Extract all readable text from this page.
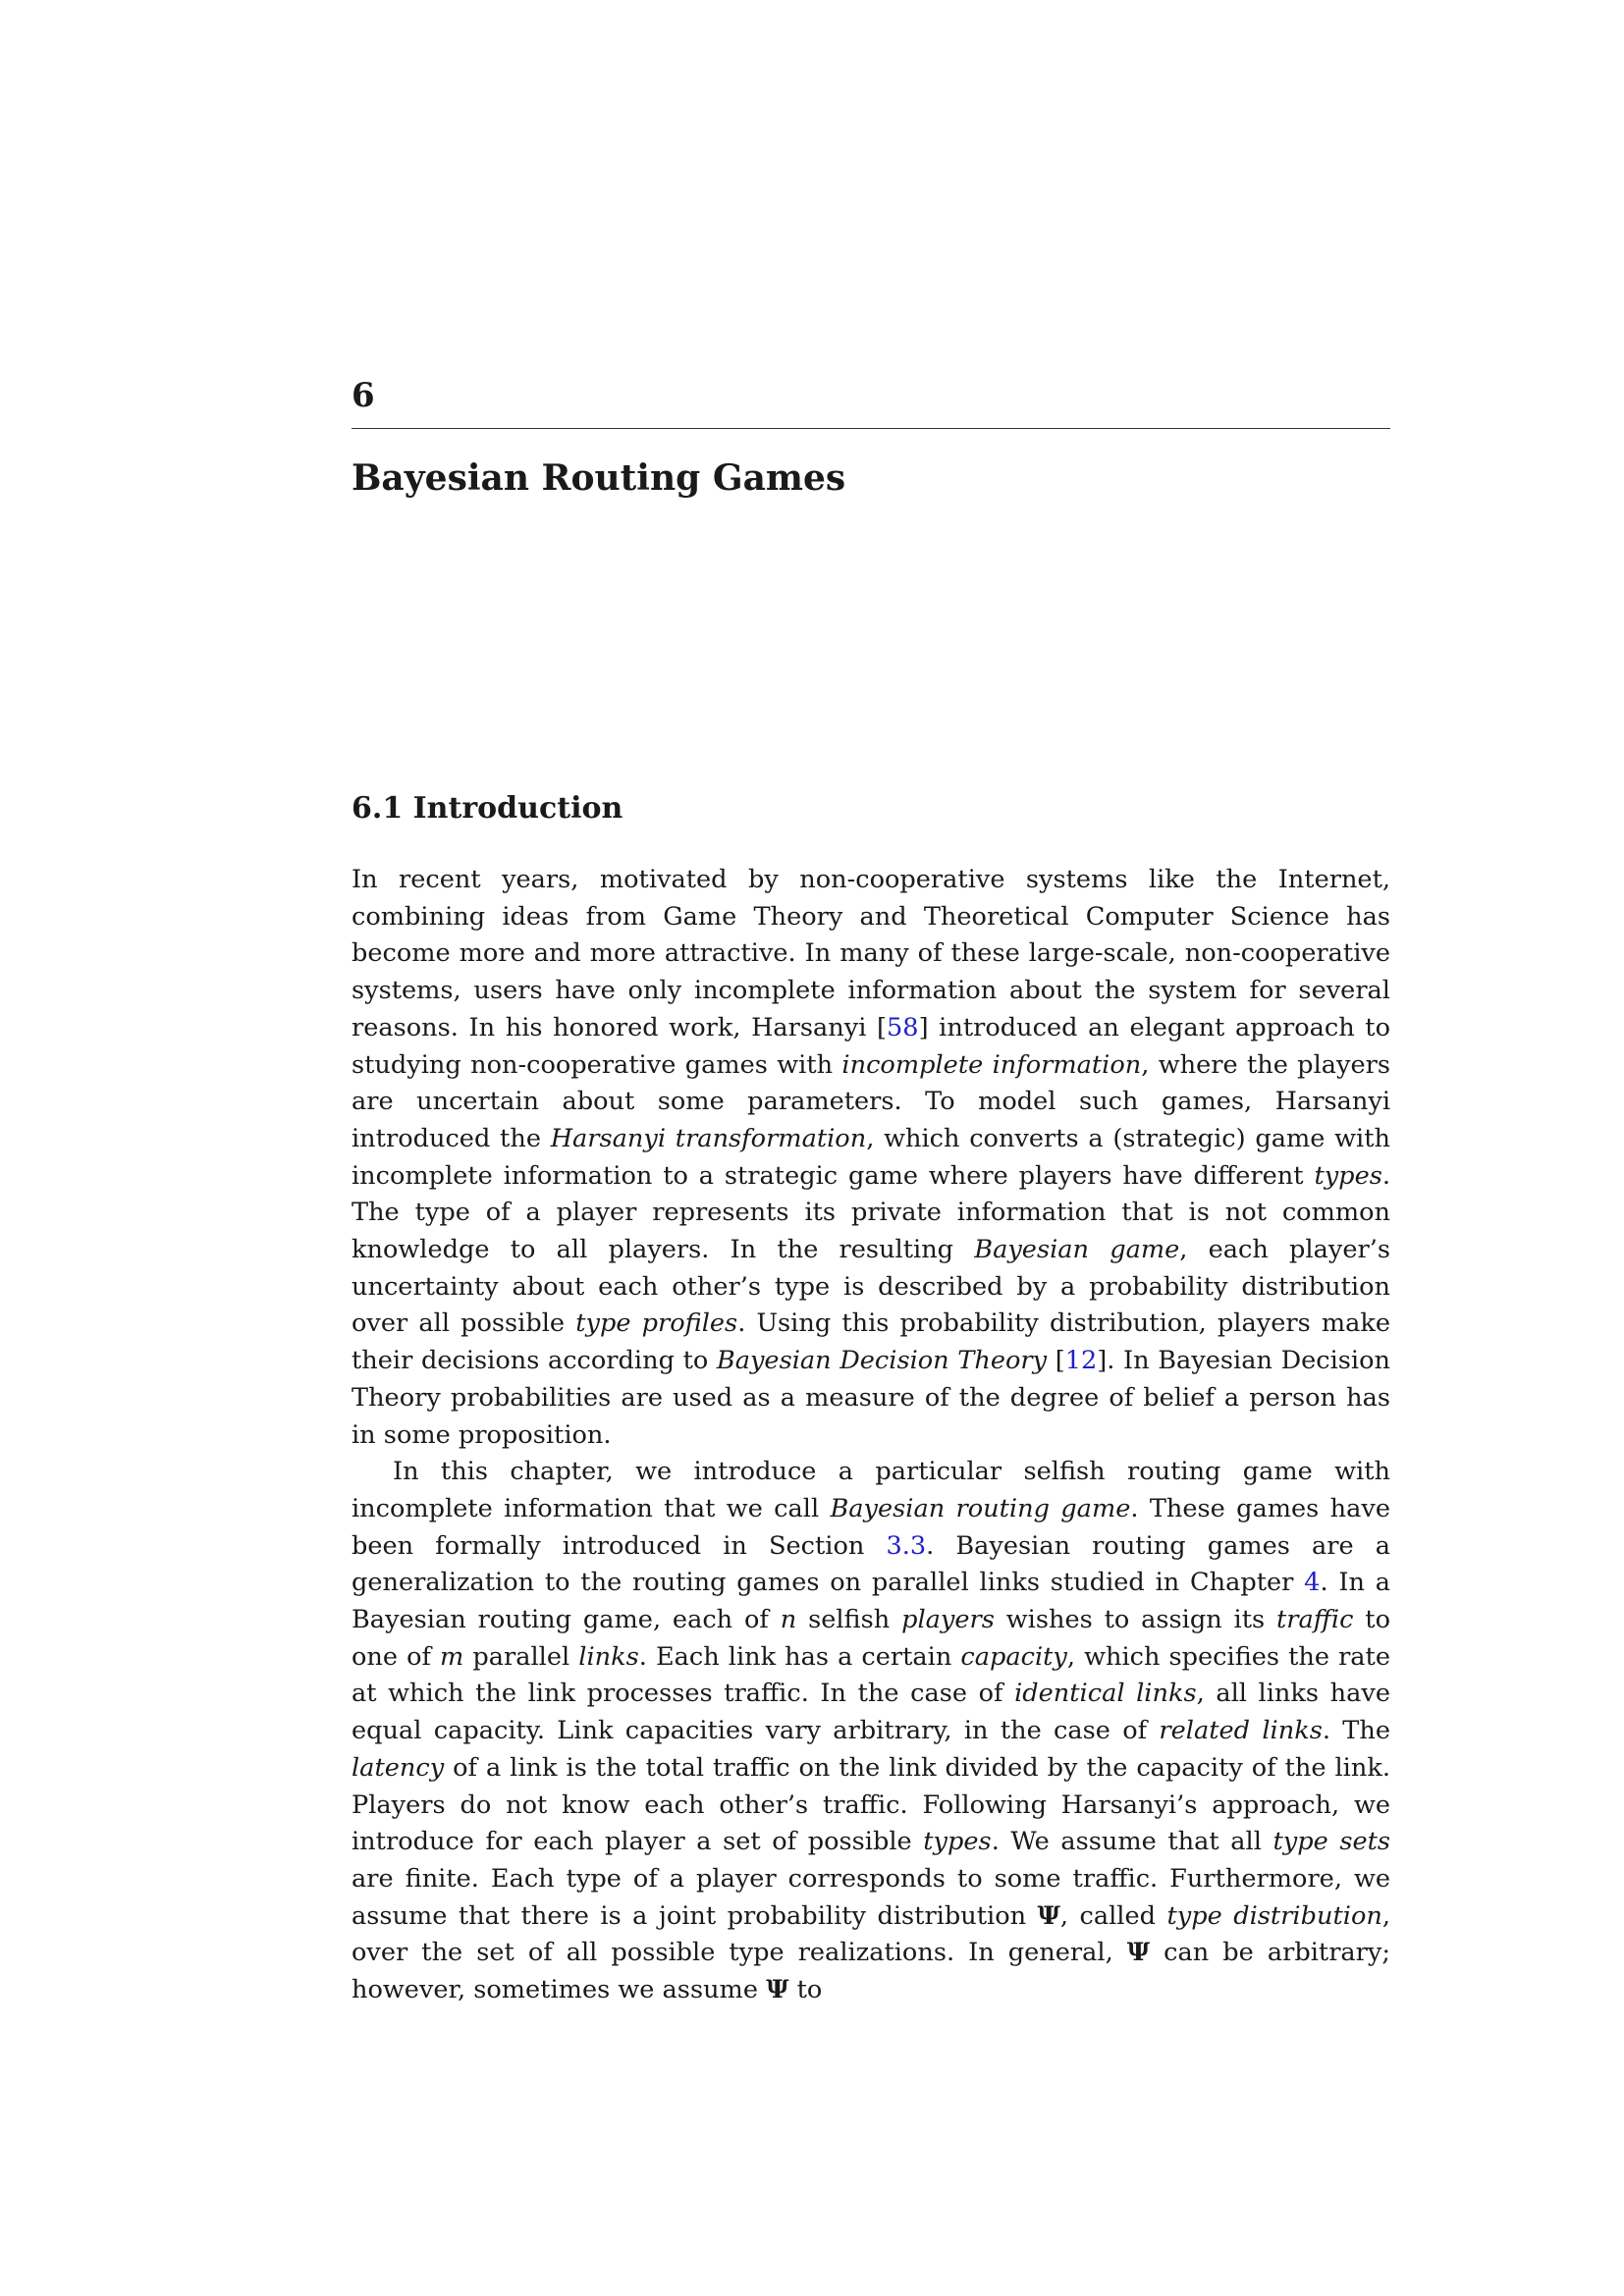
6
Bayesian Routing Games
6.1 Introduction

In recent years, motivated by non-cooperative systems like the Internet, combining ideas from Game Theory and Theoretical Computer Science has become more and more attractive. In many of these large-scale, non-cooperative systems, users have only incomplete information about the system for several reasons. In his honored work, Harsanyi [58] introduced an elegant approach to studying non-cooperative games with incomplete information, where the players are uncertain about some parameters. To model such games, Harsanyi introduced the Harsanyi transformation, which converts a (strategic) game with incomplete information to a strategic game where players have different types. The type of a player represents its private information that is not common knowledge to all players. In the resulting Bayesian game, each player’s uncertainty about each other’s type is described by a probability distribution over all possible type profiles. Using this probability distribution, players make their decisions according to Bayesian Decision Theory [12]. In Bayesian Decision Theory probabilities are used as a measure of the degree of belief a person has in some proposition.

In this chapter, we introduce a particular selfish routing game with incomplete information that we call Bayesian routing game. These games have been formally introduced in Section 3.3. Bayesian routing games are a generalization to the routing games on parallel links studied in Chapter 4. In a Bayesian routing game, each of n selfish players wishes to assign its traffic to one of m parallel links. Each link has a certain capacity, which specifies the rate at which the link processes traffic. In the case of identical links, all links have equal capacity. Link capacities vary arbitrary, in the case of related links. The latency of a link is the total traffic on the link divided by the capacity of the link. Players do not know each other’s traffic. Following Harsanyi’s approach, we introduce for each player a set of possible types. We assume that all type sets are finite. Each type of a player corresponds to some traffic. Furthermore, we assume that there is a joint probability distribution Ψ, called type distribution, over the set of all possible type realizations. In general, Ψ can be arbitrary; however, sometimes we assume Ψ to
